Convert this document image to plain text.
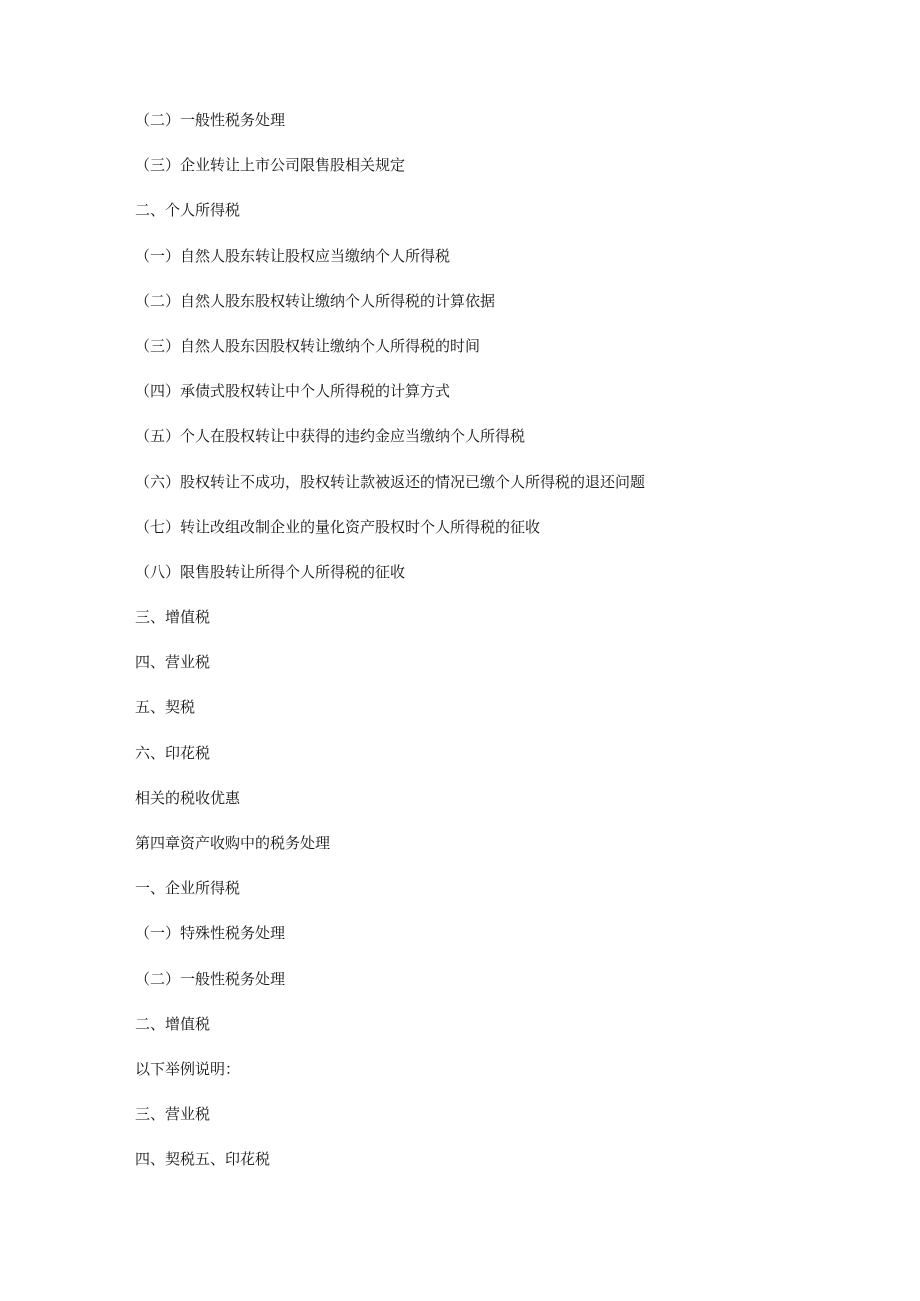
（二）一般性税务处理
（三）企业转让上市公司限售股相关规定
二、个人所得税
（一）自然人股东转让股权应当缴纳个人所得税
（二）自然人股东股权转让缴纳个人所得税的计算依据
（三）自然人股东因股权转让缴纳个人所得税的时间
（四）承债式股权转让中个人所得税的计算方式
（五）个人在股权转让中获得的违约金应当缴纳个人所得税
（六）股权转让不成功，股权转让款被返还的情况已缴个人所得税的退还问题
（七）转让改组改制企业的量化资产股权时个人所得税的征收
（八）限售股转让所得个人所得税的征收
三、增值税
四、营业税
五、契税
六、印花税
相关的税收优惠
第四章资产收购中的税务处理
一、企业所得税
（一）特殊性税务处理
（二）一般性税务处理
二、增值税
以下举例说明：
三、营业税
四、契税五、印花税
